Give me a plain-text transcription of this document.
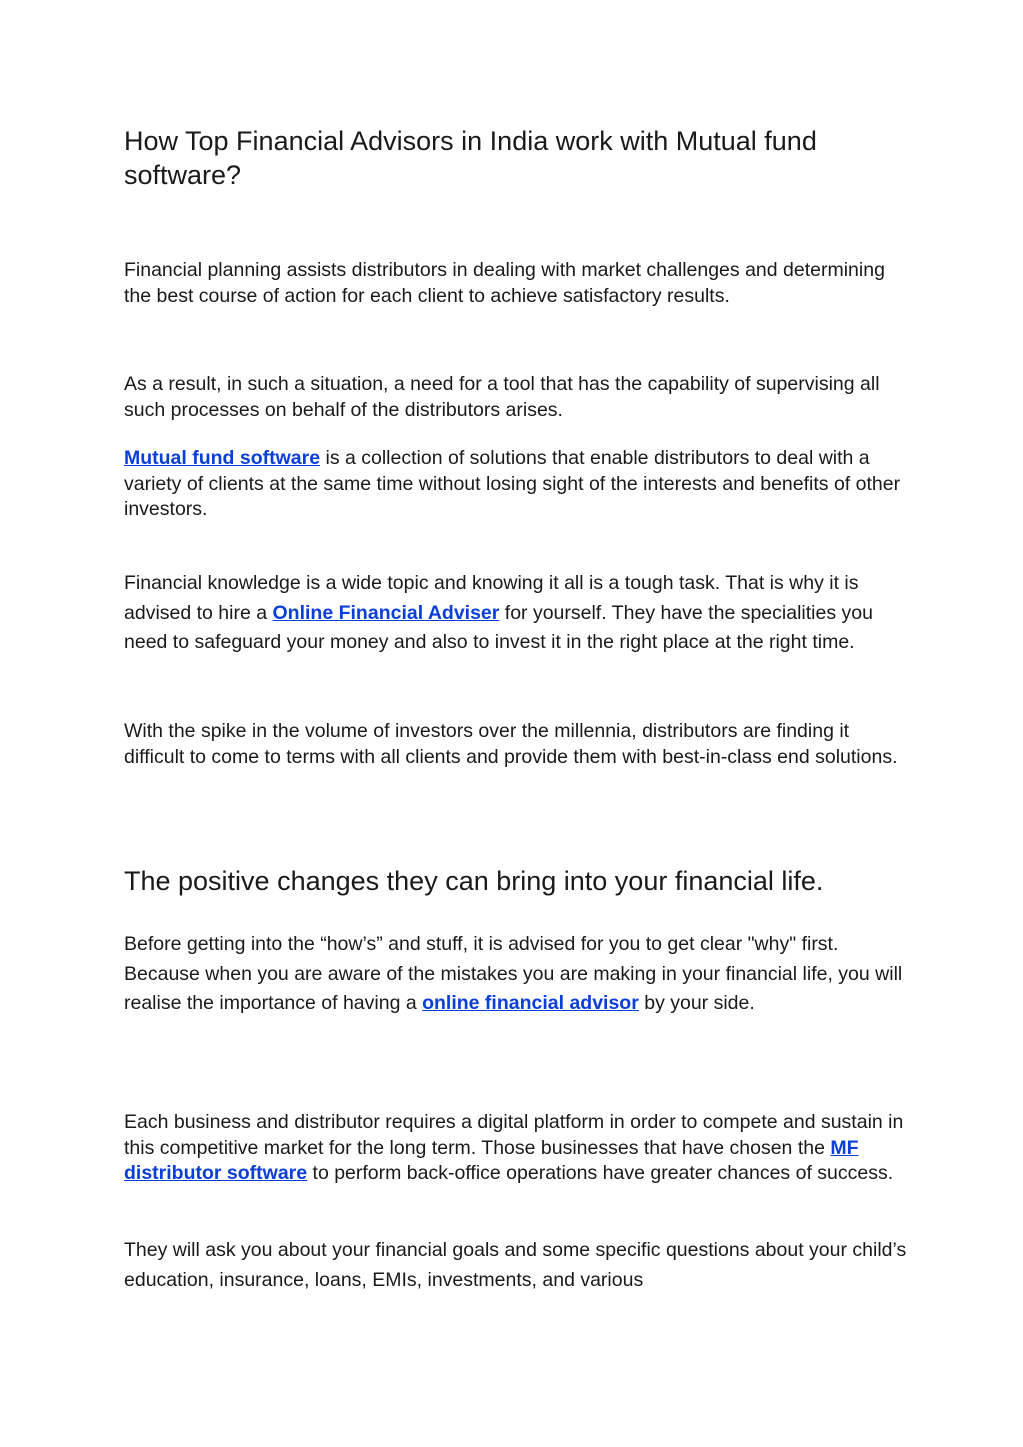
How Top Financial Advisors in India work with Mutual fund software?

Financial planning assists distributors in dealing with market challenges and determining the best course of action for each client to achieve satisfactory results.

As a result, in such a situation, a need for a tool that has the capability of supervising all such processes on behalf of the distributors arises.

Mutual fund software is a collection of solutions that enable distributors to deal with a variety of clients at the same time without losing sight of the interests and benefits of other investors.

Financial knowledge is a wide topic and knowing it all is a tough task. That is why it is advised to hire a Online Financial Adviser for yourself. They have the specialities you need to safeguard your money and also to invest it in the right place at the right time.

With the spike in the volume of investors over the millennia, distributors are finding it difficult to come to terms with all clients and provide them with best-in-class end solutions.

The positive changes they can bring into your financial life.

Before getting into the “how’s” and stuff, it is advised for you to get clear "why" first. Because when you are aware of the mistakes you are making in your financial life, you will realise the importance of having a online financial advisor by your side.

Each business and distributor requires a digital platform in order to compete and sustain in this competitive market for the long term. Those businesses that have chosen the MF distributor software to perform back-office operations have greater chances of success.

They will ask you about your financial goals and some specific questions about your child’s education, insurance, loans, EMIs, investments, and various
